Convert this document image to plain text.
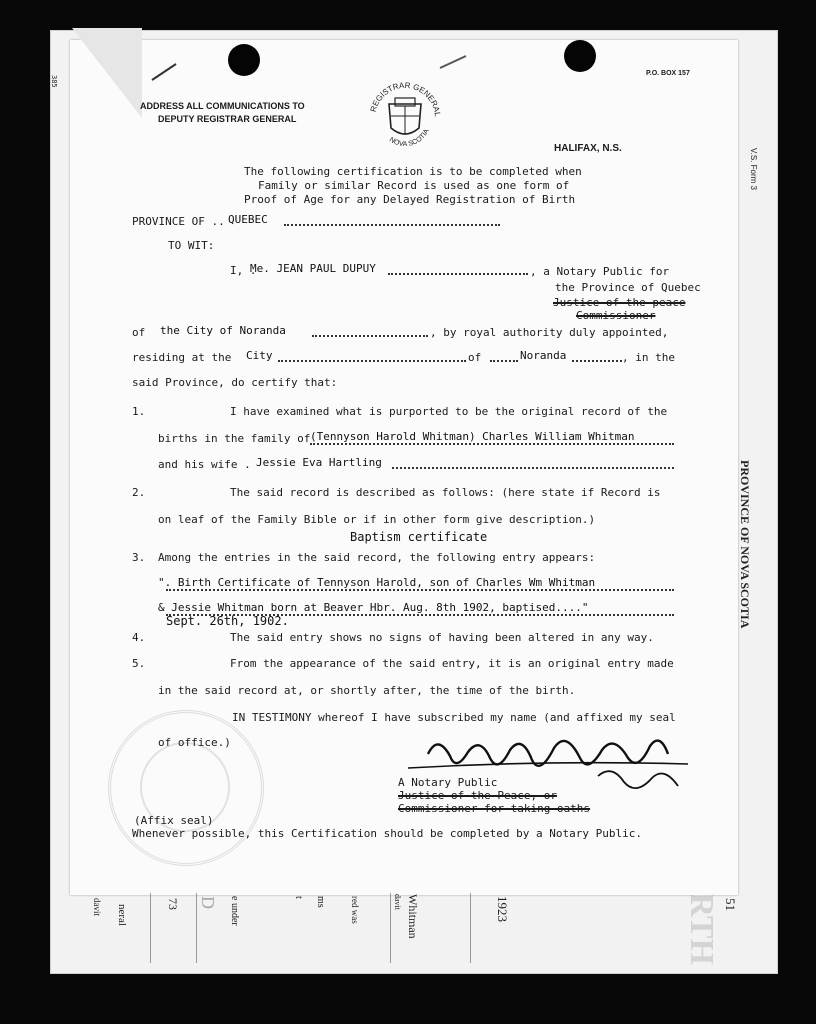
ADDRESS ALL COMMUNICATIONS TO
DEPUTY REGISTRAR GENERAL
REGISTRAR GENERAL
NOVA SCOTIA
P.O. BOX 157
HALIFAX, N.S.	V.S. Form 3
385
The following certification is to be completed when
Family or similar Record is used as one form of
Proof of Age for any Delayed Registration of Birth
PROVINCE OF .. QUEBEC
TO WIT:
I, .
Me. JEAN PAUL DUPUY	, a Notary Public for
the Province of Quebec
Justice of the peace
Commissioner
of the City of Noranda	, by royal authority duly appointed,
residing at the City	of	Noranda	, in the
said Province, do certify that:
1.	I have examined what is purported to be the original record of the
births in the family of (Tennyson Harold Whitman) Charles William Whitman
and his wife . Jessie Eva Hartling
2.	The said record is described as follows: (here state if Record is
on leaf of the Family Bible or if in other form give description.)
Baptism certificate
3. Among the entries in the said record, the following entry appears:
". Birth Certificate of Tennyson Harold, son of Charles Wm Whitman
& Jessie Whitman born at Beaver Hbr. Aug. 8th 1902, baptised...."
Sept. 26th, 1902.
4.	The said entry shows no signs of having been altered in any way.
5.	From the appearance of the said entry, it is an original entry made
in the said record at, or shortly after, the time of the birth.
IN TESTIMONY whereof I have subscribed my name (and affixed my seal
of office.)
A Notary Public
Justice of the Peace, or
Commissioner for taking oaths
(Affix seal)
Whenever possible, this Certification should be completed by a Notary Public.
PROVINCE OF NOVA SCOTIA
davit neral	73 D e under	t ms	red was	davit Whitman	1923	51
